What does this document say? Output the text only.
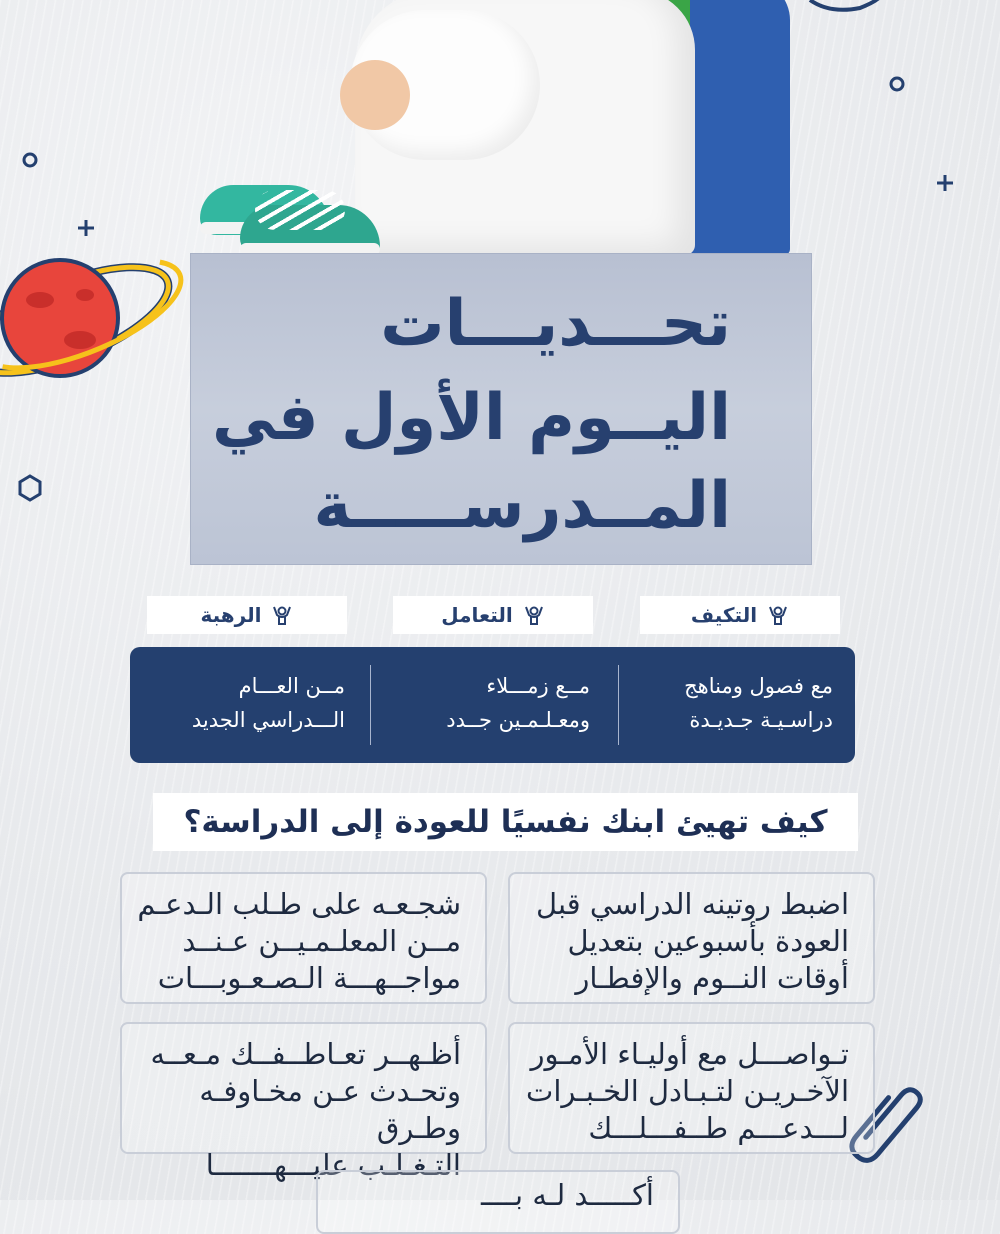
تحـــديـــات
اليــوم الأول في
المــدرســـــة
التكيف
التعامل
الرهبة
مع فصول ومناهج
دراسـيـة جـديـدة
مــع زمـــلاء
ومعـلـمـين جــدد
مــن العـــام
الـــدراسي الجديد
كيف تهيئ ابنك نفسيًا للعودة إلى الدراسة؟

اضبط روتينه الدراسي قبل
العودة بأسبوعين بتعديل
أوقات النــوم والإفطـار

شجـعـه على طـلب الـدعـم
مــن المعلـمـيــن عـنــد
مواجــهـــة الـصـعـوبـــات

تـواصـــل مع أوليـاء الأمـور
الآخـريـن لتـبـادل الخـبـرات
لـــدعـــم طــفـــلـــك

أظـهــر تعـاطــفــك مـعــه
وتحـدث عـن مخـاوفـه وطـرق
التـغـلـب عليـــهـــــــا

أكـــــد لـه بــــ
